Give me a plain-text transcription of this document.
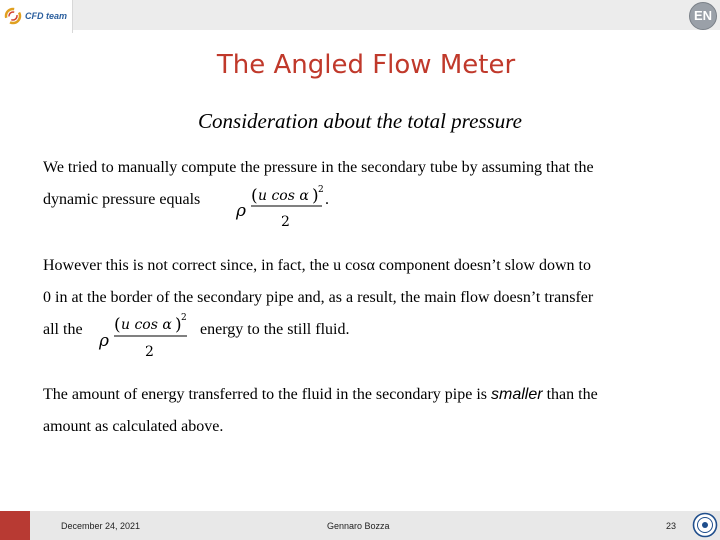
CFD team	EN
The Angled Flow Meter
Consideration about the total pressure
We tried to manually compute the pressure in the secondary tube by assuming that the
dynamic pressure equals
ρ
( u cos α ) 2
2
.
However this is not correct since, in fact, the u cosα component doesn’t slow down to
0 in at the border of the secondary pipe and, as a result, the main flow doesn’t transfer
all the
ρ
( u cos α ) 2
2
energy to the still fluid.
The amount of energy transferred to the fluid in the secondary pipe is smaller than the
amount as calculated above.
December 24, 2021	Gennaro Bozza	23
